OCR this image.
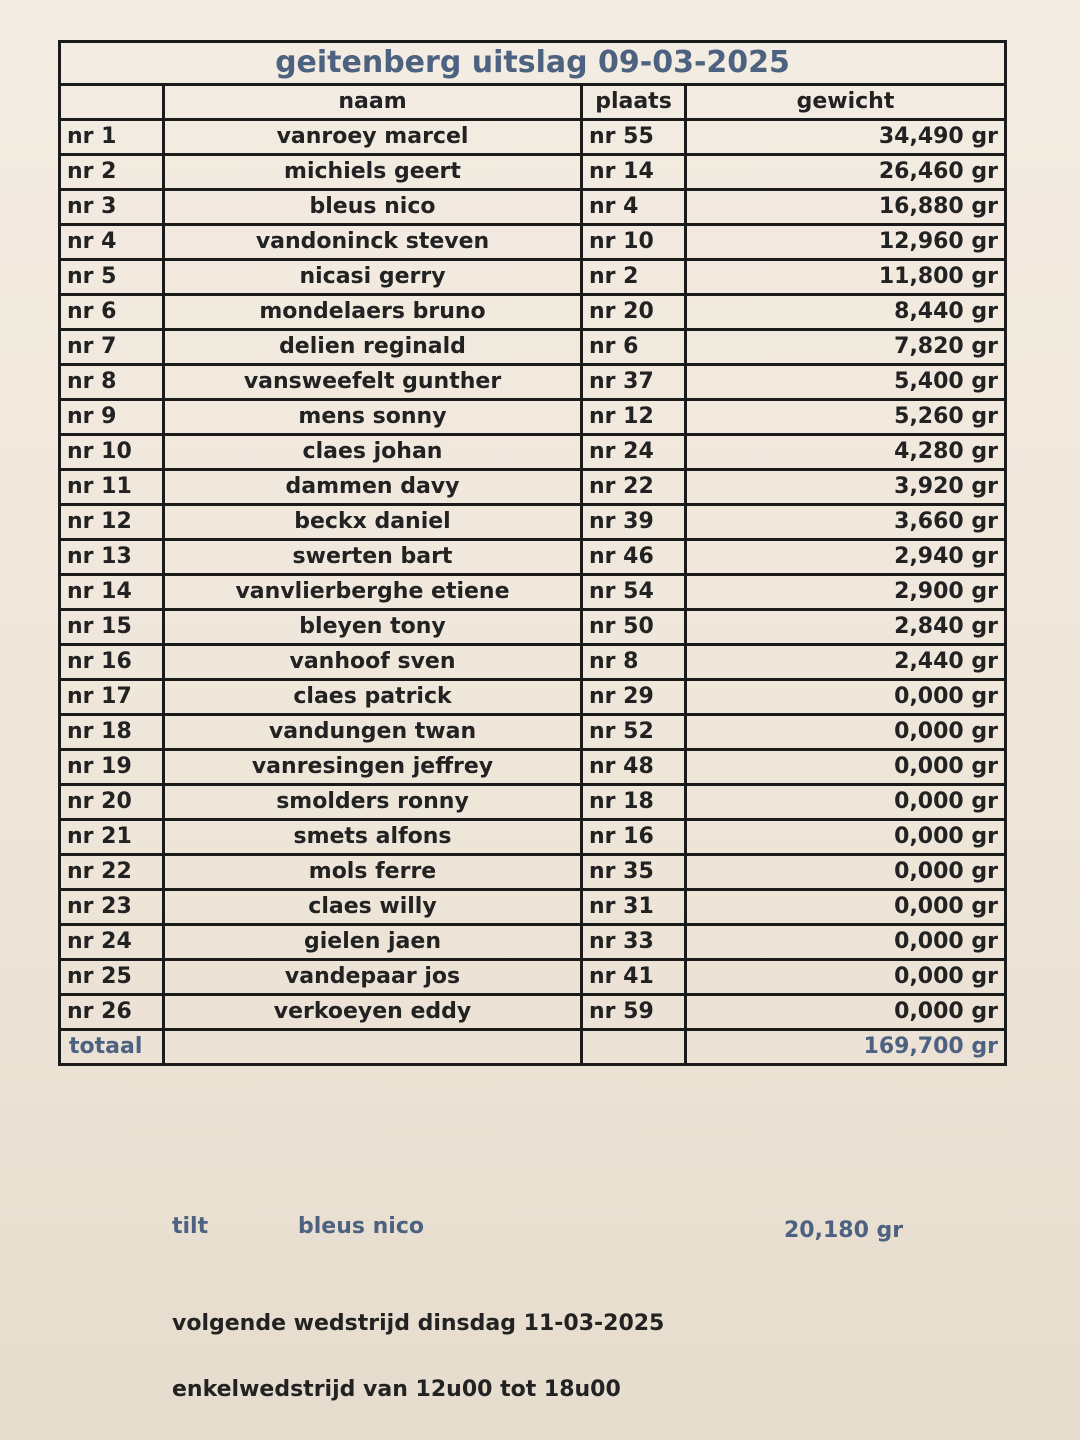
geitenberg uitslag 09-03-2025			
	naam	plaats	gewicht
nr 1	vanroey marcel	nr 55	34,490 gr
nr 2	michiels geert	nr 14	26,460 gr
nr 3	bleus nico	nr 4	16,880 gr
nr 4	vandoninck steven	nr 10	12,960 gr
nr 5	nicasi gerry	nr 2	11,800 gr
nr 6	mondelaers bruno	nr 20	8,440 gr
nr 7	delien reginald	nr 6	7,820 gr
nr 8	vansweefelt gunther	nr 37	5,400 gr
nr 9	mens sonny	nr 12	5,260 gr
nr 10	claes johan	nr 24	4,280 gr
nr 11	dammen davy	nr 22	3,920 gr
nr 12	beckx daniel	nr 39	3,660 gr
nr 13	swerten bart	nr 46	2,940 gr
nr 14	vanvlierberghe etiene	nr 54	2,900 gr
nr 15	bleyen tony	nr 50	2,840 gr
nr 16	vanhoof sven	nr 8	2,440 gr
nr 17	claes patrick	nr 29	0,000 gr
nr 18	vandungen twan	nr 52	0,000 gr
nr 19	vanresingen jeffrey	nr 48	0,000 gr
nr 20	smolders ronny	nr 18	0,000 gr
nr 21	smets alfons	nr 16	0,000 gr
nr 22	mols ferre	nr 35	0,000 gr
nr 23	claes willy	nr 31	0,000 gr
nr 24	gielen jaen	nr 33	0,000 gr
nr 25	vandepaar jos	nr 41	0,000 gr
nr 26	verkoeyen eddy	nr 59	0,000 gr
totaal			169,700 gr
tilt	bleus nico	20,180 gr
volgende wedstrijd dinsdag 11-03-2025
enkelwedstrijd van 12u00 tot 18u00
